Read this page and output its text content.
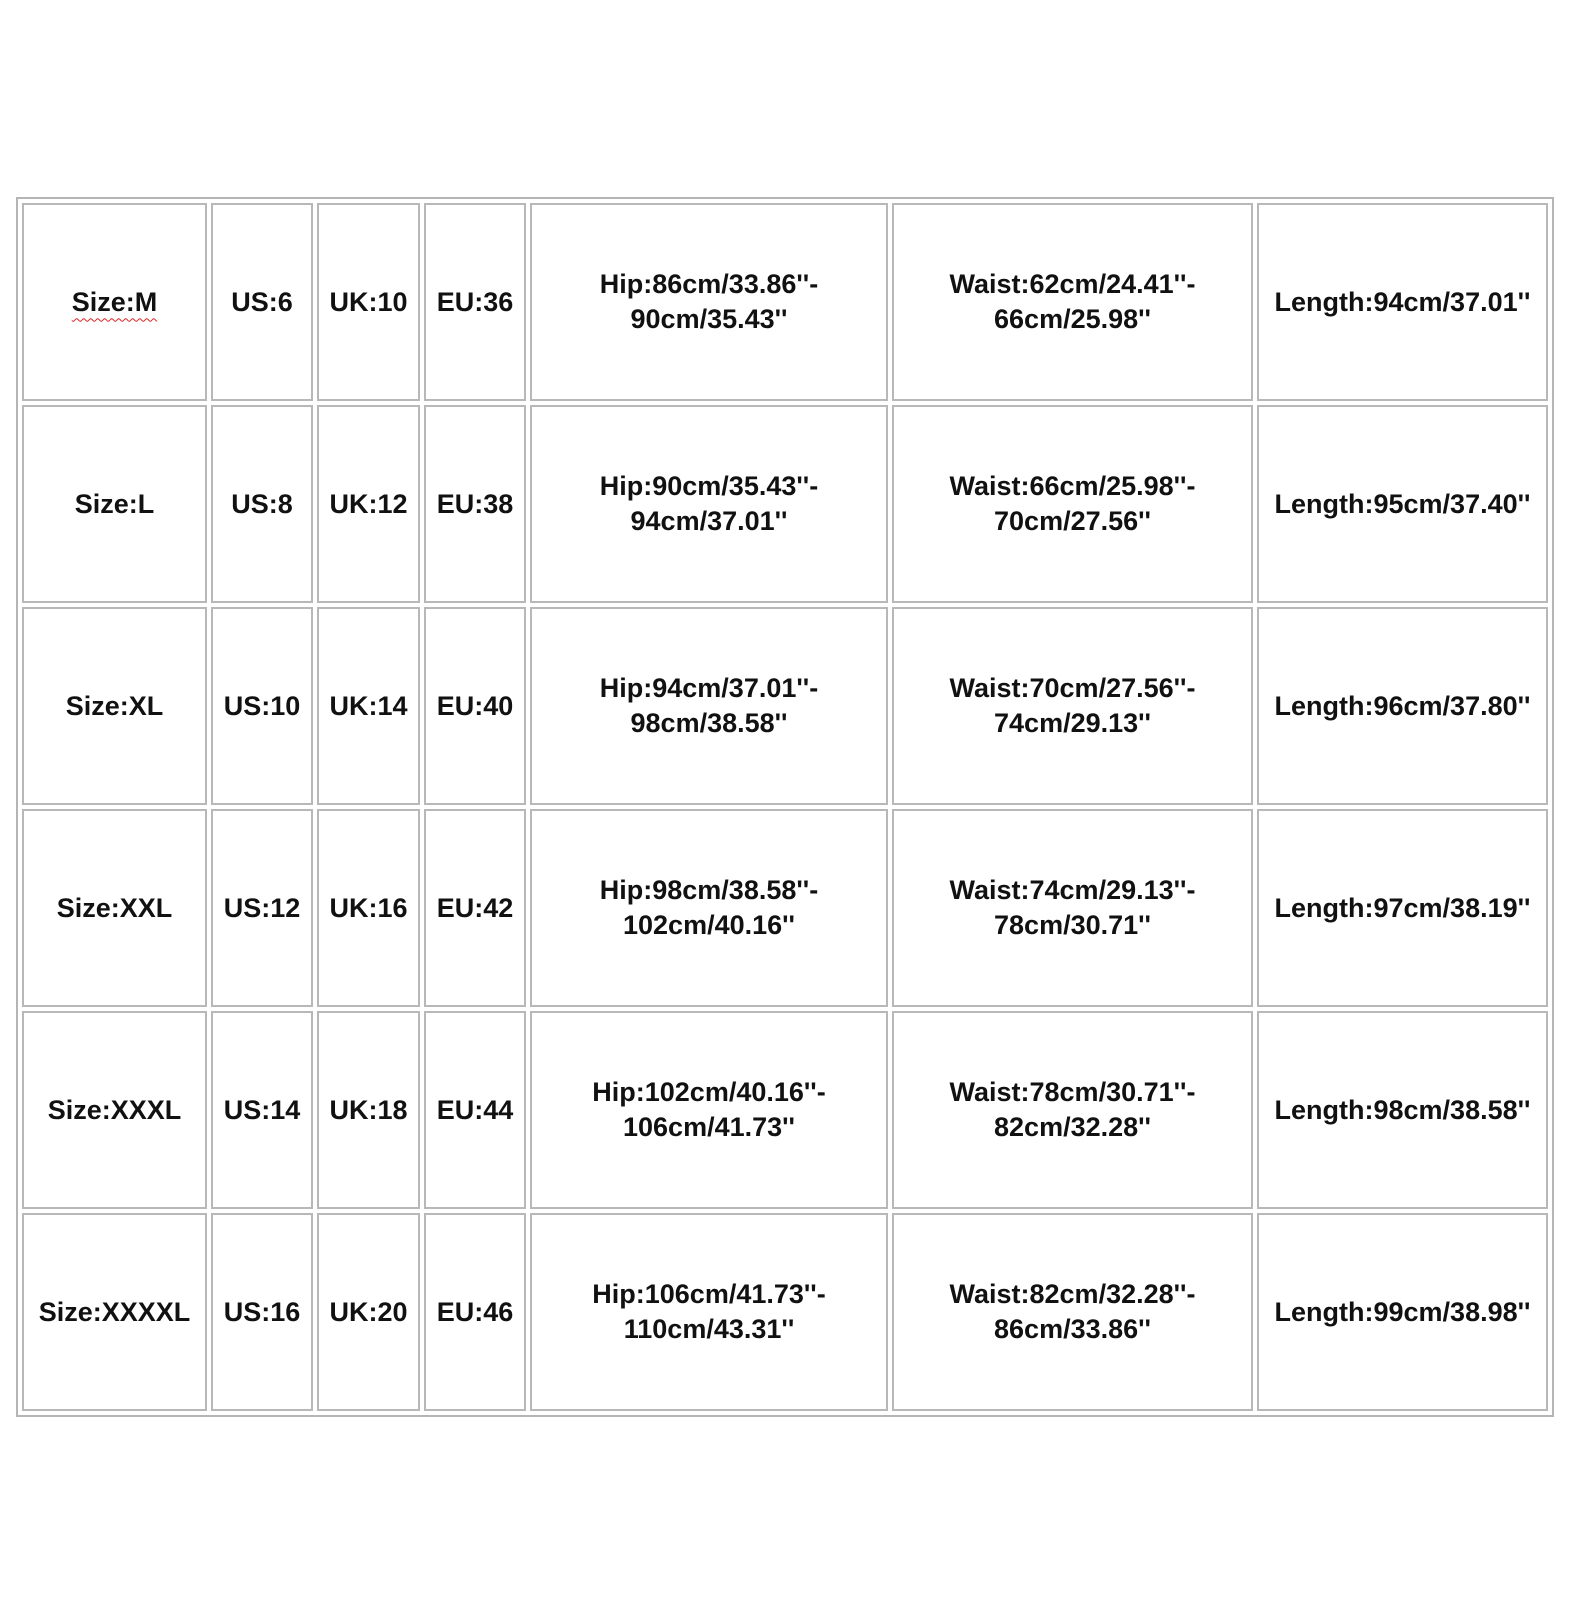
Size:M	US:6	UK:10	EU:36	Hip:86cm/33.86''-
90cm/35.43''	Waist:62cm/24.41''-
66cm/25.98''	Length:94cm/37.01''

Size:L	US:8	UK:12	EU:38	Hip:90cm/35.43''-
94cm/37.01''	Waist:66cm/25.98''-
70cm/27.56''	Length:95cm/37.40''

Size:XL	US:10	UK:14	EU:40	Hip:94cm/37.01''-
98cm/38.58''	Waist:70cm/27.56''-
74cm/29.13''	Length:96cm/37.80''

Size:XXL	US:12	UK:16	EU:42	Hip:98cm/38.58''-
102cm/40.16''	Waist:74cm/29.13''-
78cm/30.71''	Length:97cm/38.19''

Size:XXXL	US:14	UK:18	EU:44	Hip:102cm/40.16''-
106cm/41.73''	Waist:78cm/30.71''-
82cm/32.28''	Length:98cm/38.58''

Size:XXXXL	US:16	UK:20	EU:46	Hip:106cm/41.73''-
110cm/43.31''	Waist:82cm/32.28''-
86cm/33.86''	Length:99cm/38.98''
